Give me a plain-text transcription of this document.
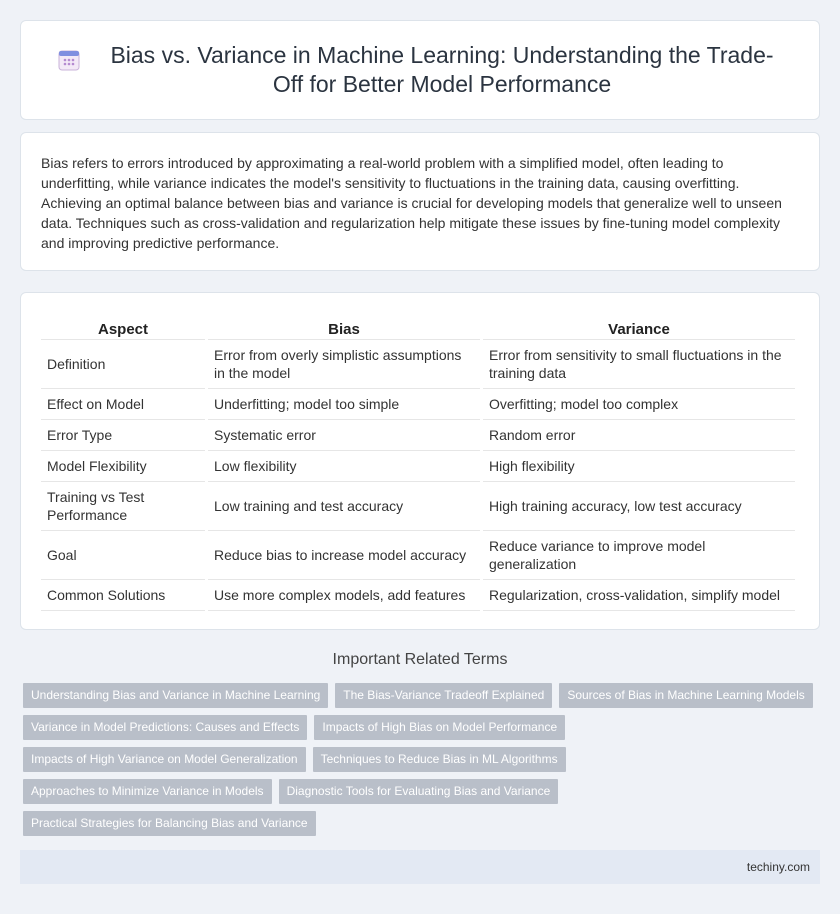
Bias vs. Variance in Machine Learning: Understanding the Trade-Off for Better Model Performance

Bias refers to errors introduced by approximating a real-world problem with a simplified model, often leading to underfitting, while variance indicates the model's sensitivity to fluctuations in the training data, causing overfitting. Achieving an optimal balance between bias and variance is crucial for developing models that generalize well to unseen data. Techniques such as cross-validation and regularization help mitigate these issues by fine-tuning model complexity and improving predictive performance.

Aspect	Bias	Variance
Definition	Error from overly simplistic assumptions in the model	Error from sensitivity to small fluctuations in the training data
Effect on Model	Underfitting; model too simple	Overfitting; model too complex
Error Type	Systematic error	Random error
Model Flexibility	Low flexibility	High flexibility
Training vs Test Performance	Low training and test accuracy	High training accuracy, low test accuracy
Goal	Reduce bias to increase model accuracy	Reduce variance to improve model generalization
Common Solutions	Use more complex models, add features	Regularization, cross-validation, simplify model
Important Related Terms
Understanding Bias and Variance in Machine Learning	The Bias-Variance Tradeoff Explained	Sources of Bias in Machine Learning Models
Variance in Model Predictions: Causes and Effects	Impacts of High Bias on Model Performance
Impacts of High Variance on Model Generalization	Techniques to Reduce Bias in ML Algorithms
Approaches to Minimize Variance in Models	Diagnostic Tools for Evaluating Bias and Variance
Practical Strategies for Balancing Bias and Variance
techiny.com
